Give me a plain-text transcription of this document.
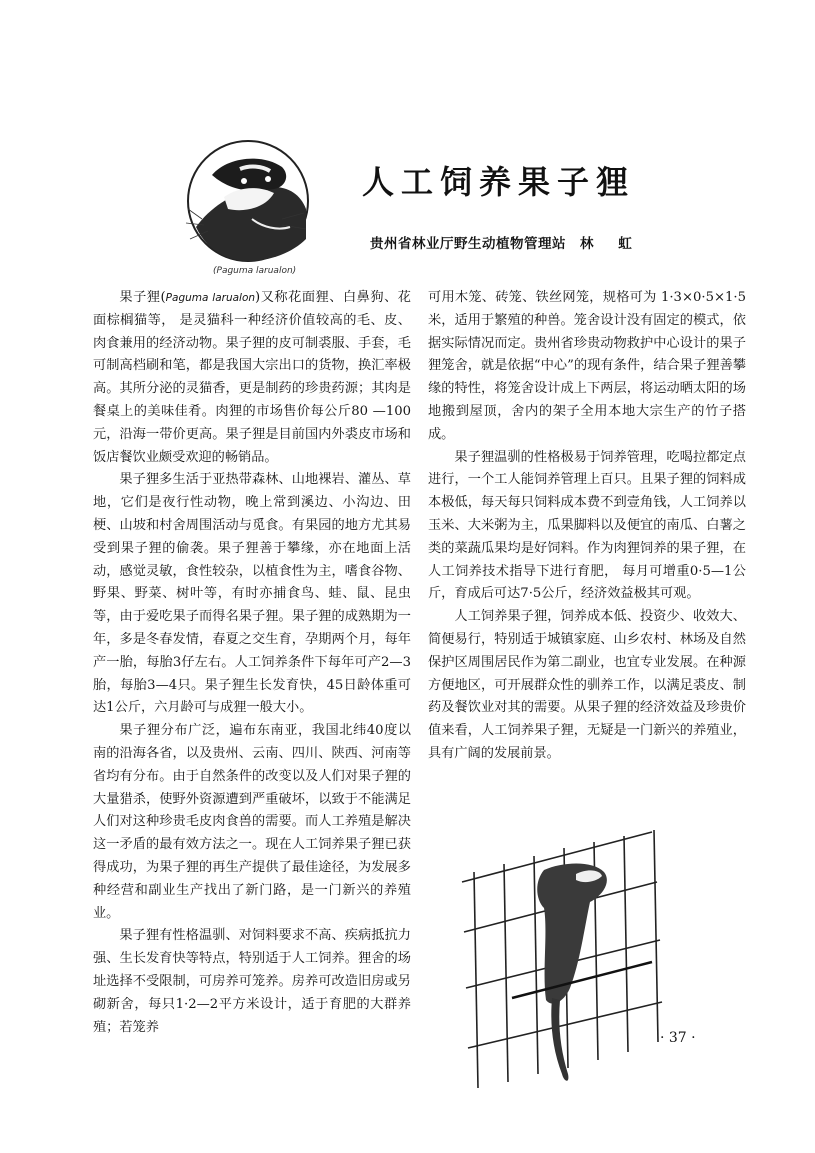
人工饲养果子狸
贵州省林业厅野生动植物管理站 林 虹
(Paguma larualon)

果子狸(Paguma larualon)又称花面狸、白鼻狗、花面棕榈猫等， 是灵猫科一种经济价值较高的毛、皮、肉食兼用的经济动物。果子狸的皮可制裘服、手套，毛可制高档刷和笔，都是我国大宗出口的货物，换汇率极高。其所分泌的灵猫香，更是制药的珍贵药源；其肉是餐桌上的美味佳肴。肉狸的市场售价每公斤80 —100元，沿海一带价更高。果子狸是目前国内外裘皮市场和饭店餐饮业颇受欢迎的畅销品。

果子狸多生活于亚热带森林、山地裸岩、灌丛、草地，它们是夜行性动物，晚上常到溪边、小沟边、田梗、山坡和村舍周围活动与觅食。有果园的地方尤其易受到果子狸的偷袭。果子狸善于攀缘，亦在地面上活动，感觉灵敏，食性较杂，以植食性为主，嗜食谷物、野果、野菜、树叶等，有时亦捕食鸟、蛙、鼠、昆虫等，由于爱吃果子而得名果子狸。果子狸的成熟期为一年，多是冬春发情，春夏之交生育，孕期两个月，每年产一胎，每胎3仔左右。人工饲养条件下每年可产2—3胎，每胎3—4只。果子狸生长发育快，45日龄体重可达1公斤，六月龄可与成狸一般大小。

果子狸分布广泛，遍布东南亚，我国北纬40度以南的沿海各省，以及贵州、云南、四川、陕西、河南等省均有分布。由于自然条件的改变以及人们对果子狸的大量猎杀，使野外资源遭到严重破坏，以致于不能满足人们对这种珍贵毛皮肉食兽的需要。而人工养殖是解决这一矛盾的最有效方法之一。现在人工饲养果子狸已获得成功，为果子狸的再生产提供了最佳途径，为发展多种经营和副业生产找出了新门路，是一门新兴的养殖业。

果子狸有性格温驯、对饲料要求不高、疾病抵抗力强、生长发育快等特点，特别适于人工饲养。狸舍的场址选择不受限制，可房养可笼养。房养可改造旧房或另砌新舍，每只1·2—2平方米设计，适于育肥的大群养殖；若笼养

可用木笼、砖笼、铁丝网笼，规格可为 1·3×0·5×1·5米，适用于繁殖的种兽。笼舍设计没有固定的模式，依据实际情况而定。贵州省珍贵动物救护中心设计的果子狸笼舍，就是依据“中心”的现有条件，结合果子狸善攀缘的特性，将笼舍设计成上下两层，将运动晒太阳的场地搬到屋顶，舍内的架子全用本地大宗生产的竹子搭成。

果子狸温驯的性格极易于饲养管理，吃喝拉都定点进行，一个工人能饲养管理上百只。且果子狸的饲料成本极低，每天每只饲料成本费不到壹角钱，人工饲养以玉米、大米粥为主，瓜果脚料以及便宜的南瓜、白薯之类的菜蔬瓜果均是好饲料。作为肉狸饲养的果子狸，在人工饲养技术指导下进行育肥， 每月可增重0·5—1公斤，育成后可达7·5公斤，经济效益极其可观。

人工饲养果子狸，饲养成本低、投资少、收效大、简便易行，特别适于城镇家庭、山乡农村、林场及自然保护区周围居民作为第二副业，也宜专业发展。在种源方便地区，可开展群众性的驯养工作，以满足裘皮、制药及餐饮业对其的需要。从果子狸的经济效益及珍贵价值来看，人工饲养果子狸，无疑是一门新兴的养殖业，具有广阔的发展前景。

· 37 ·
